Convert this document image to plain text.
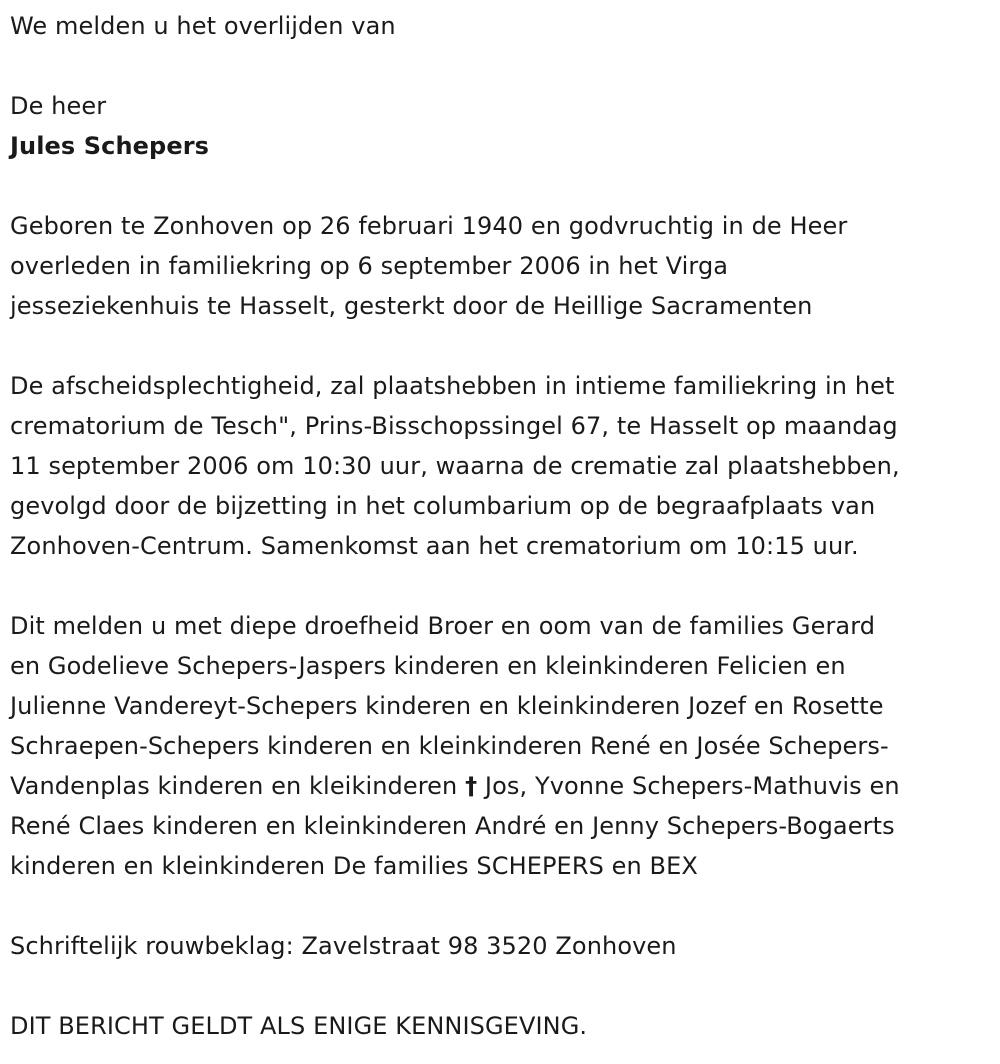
We melden u het overlijden van
De heer
Jules Schepers
Geboren te Zonhoven op 26 februari 1940 en godvruchtig in de Heer
overleden in familiekring op 6 september 2006 in het Virga
jesseziekenhuis te Hasselt, gesterkt door de Heillige Sacramenten
De afscheidsplechtigheid, zal plaatshebben in intieme familiekring in het
crematorium de Tesch", Prins-Bisschopssingel 67, te Hasselt op maandag
11 september 2006 om 10:30 uur, waarna de crematie zal plaatshebben,
gevolgd door de bijzetting in het columbarium op de begraafplaats van
Zonhoven-Centrum. Samenkomst aan het crematorium om 10:15 uur.
Dit melden u met diepe droefheid Broer en oom van de families Gerard
en Godelieve Schepers-Jaspers kinderen en kleinkinderen Felicien en
Julienne Vandereyt-Schepers kinderen en kleinkinderen Jozef en Rosette
Schraepen-Schepers kinderen en kleinkinderen René en Josée Schepers-
Vandenplas kinderen en kleikinderen † Jos, Yvonne Schepers-Mathuvis en
René Claes kinderen en kleinkinderen André en Jenny Schepers-Bogaerts
kinderen en kleinkinderen De families SCHEPERS en BEX
Schriftelijk rouwbeklag: Zavelstraat 98 3520 Zonhoven
DIT BERICHT GELDT ALS ENIGE KENNISGEVING.
